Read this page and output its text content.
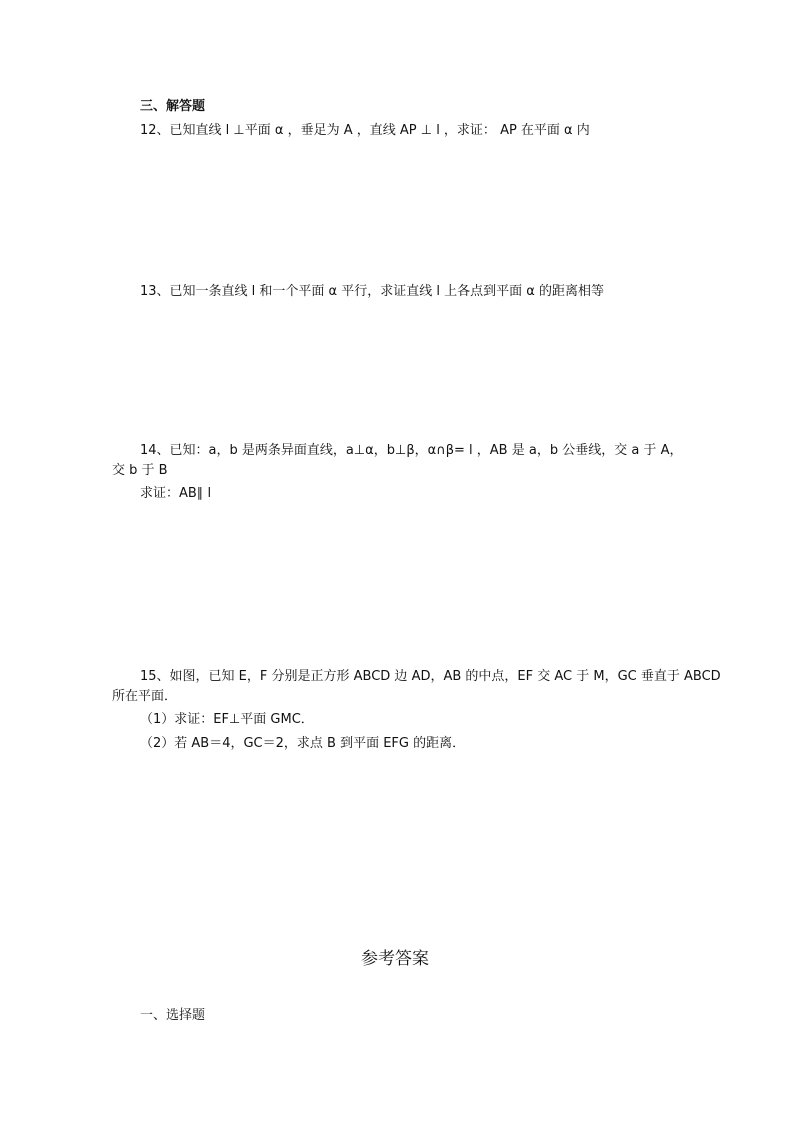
三、解答题
12、已知直线 l ⊥平面 α ，垂足为 A ，直线 AP ⊥ l ，求证： AP 在平面 α 内
13、已知一条直线 l 和一个平面 α 平行，求证直线 l 上各点到平面 α 的距离相等
14、已知：a，b 是两条异面直线，a⊥α，b⊥β，α∩β= l ，AB 是 a，b 公垂线，交 a 于 A，
交 b 于 B
求证：AB∥ l
15、如图，已知 E，F 分别是正方形 ABCD 边 AD，AB 的中点，EF 交 AC 于 M，GC 垂直于 ABCD
所在平面．
（1）求证：EF⊥平面 GMC．
（2）若 AB＝4，GC＝2，求点 B 到平面 EFG 的距离．
参考答案
一、选择题
